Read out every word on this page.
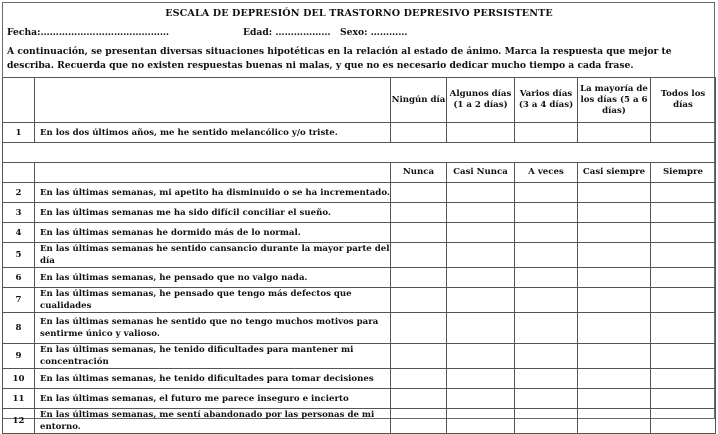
ESCALA DE DEPRESIÓN DEL TRASTORNO DEPRESIVO PERSISTENTE
Fecha:……………………………………	Edad: ……………… Sexo: …………
A continuación, se presentan diversas situaciones hipotéticas en la relación al estado de ánimo. Marca la respuesta que mejor te describa. Recuerda que no existen respuestas buenas ni malas, y que no es necesario dedicar mucho tiempo a cada frase.
		Ningún día	Algunos días (1 a 2 días)	Varios días (3 a 4 días)	La mayoría de los días (5 a 6 días)	Todos los días
1	En los dos últimos años, me he sentido melancólico y/o triste.					

		Nunca	Casi Nunca	A veces	Casi siempre	Siempre
2	En las últimas semanas, mi apetito ha disminuido o se ha incrementado.					
3	En las últimas semanas me ha sido difícil conciliar el sueño.					
4	En las últimas semanas he dormido más de lo normal.					
5	En las últimas semanas he sentido cansancio durante la mayor parte del día					
6	En las últimas semanas, he pensado que no valgo nada.					
7	En las últimas semanas, he pensado que tengo más defectos que cualidades					
8	En las últimas semanas he sentido que no tengo muchos motivos para sentirme único y valioso.					
9	En las últimas semanas, he tenido dificultades para mantener mi concentración					
10	En las últimas semanas, he tenido dificultades para tomar decisiones					
11	En las últimas semanas, el futuro me parece inseguro e incierto					
12	En las últimas semanas, me sentí abandonado por las personas de mi entorno.					
